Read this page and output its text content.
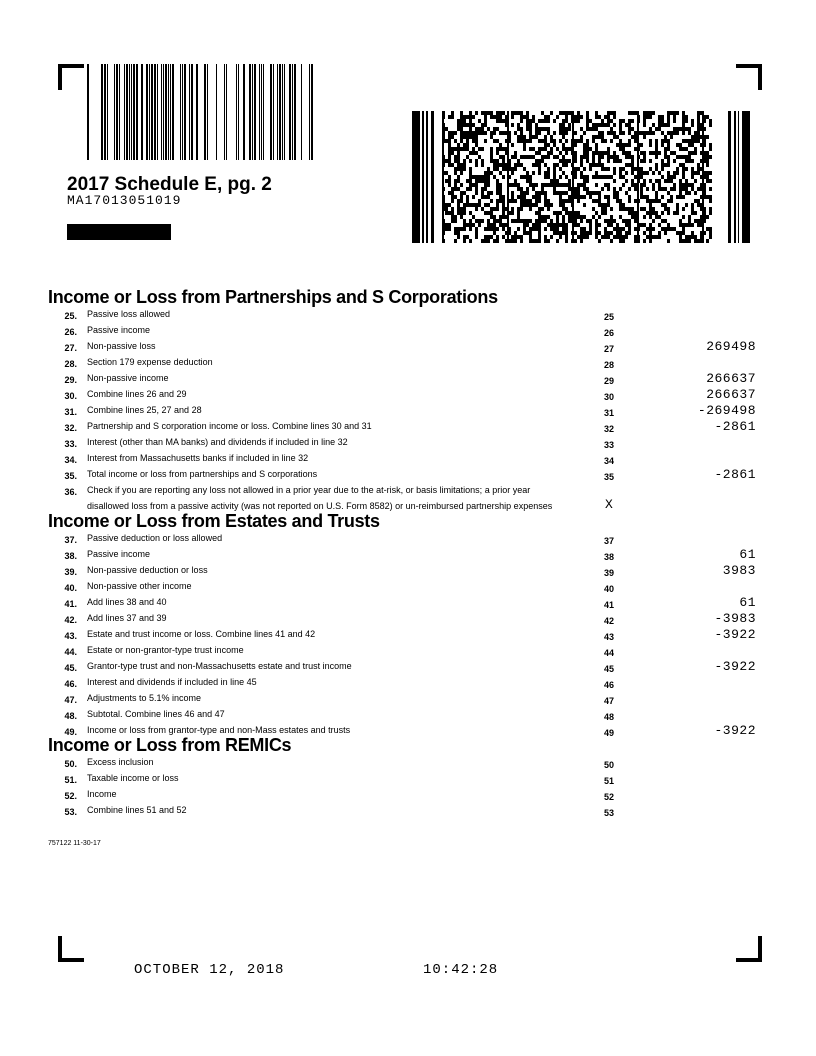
2017 Schedule E, pg. 2
MA17013051019
Income or Loss from Partnerships and S Corporations
25. Passive loss allowed	25
26. Passive income	26
27. Non-passive loss	27	269498
28. Section 179 expense deduction	28
29. Non-passive income	29	266637
30. Combine lines 26 and 29	30	266637
31. Combine lines 25, 27 and 28	31	-269498
32. Partnership and S corporation income or loss. Combine lines 30 and 31	32	-2861
33. Interest (other than MA banks) and dividends if included in line 32	33
34. Interest from Massachusetts banks if included in line 32	34
35. Total income or loss from partnerships and S corporations	35	-2861
36. Check if you are reporting any loss not allowed in a prior year due to the at-risk, or basis limitations; a prior year
disallowed loss from a passive activity (was not reported on U.S. Form 8582) or un-reimbursed partnership expenses	X
Income or Loss from Estates and Trusts
37. Passive deduction or loss allowed	37
38. Passive income	38	61
39. Non-passive deduction or loss	39	3983
40. Non-passive other income	40
41. Add lines 38 and 40	41	61
42. Add lines 37 and 39	42	-3983
43. Estate and trust income or loss. Combine lines 41 and 42	43	-3922
44. Estate or non-grantor-type trust income	44
45. Grantor-type trust and non-Massachusetts estate and trust income	45	-3922
46. Interest and dividends if included in line 45	46
47. Adjustments to 5.1% income	47
48. Subtotal. Combine lines 46 and 47	48
49. Income or loss from grantor-type and non-Mass estates and trusts	49	-3922
Income or Loss from REMICs
50. Excess inclusion	50
51. Taxable income or loss	51
52. Income	52
53. Combine lines 51 and 52	53
757122 11-30-17
OCTOBER 12, 2018	10:42:28
